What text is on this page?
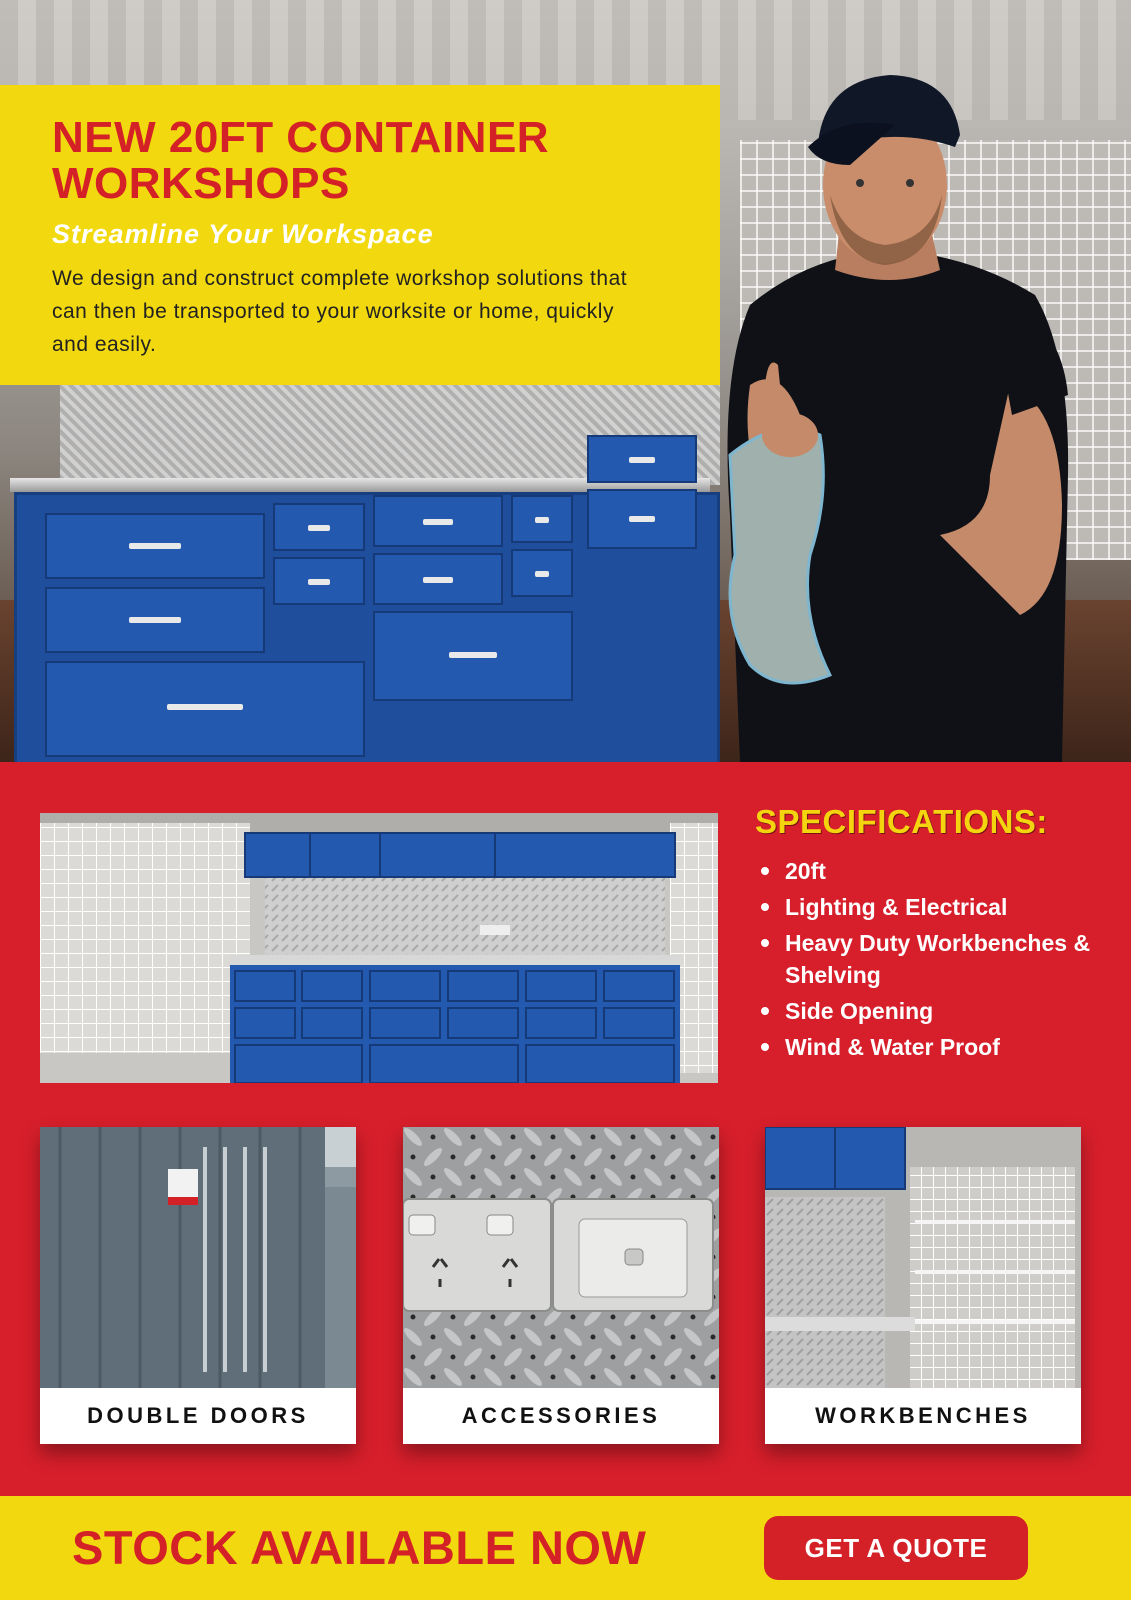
NEW 20FT CONTAINER
WORKSHOPS

Streamline Your Workspace

We design and construct complete workshop solutions that can then be transported to your worksite or home, quickly and easily.

SPECIFICATIONS:
20ft
Lighting & Electrical
Heavy Duty Workbenches & Shelving
Side Opening
Wind & Water Proof
DOUBLE DOORS	ACCESSORIES	WORKBENCHES
STOCK AVAILABLE NOW	GET A QUOTE
